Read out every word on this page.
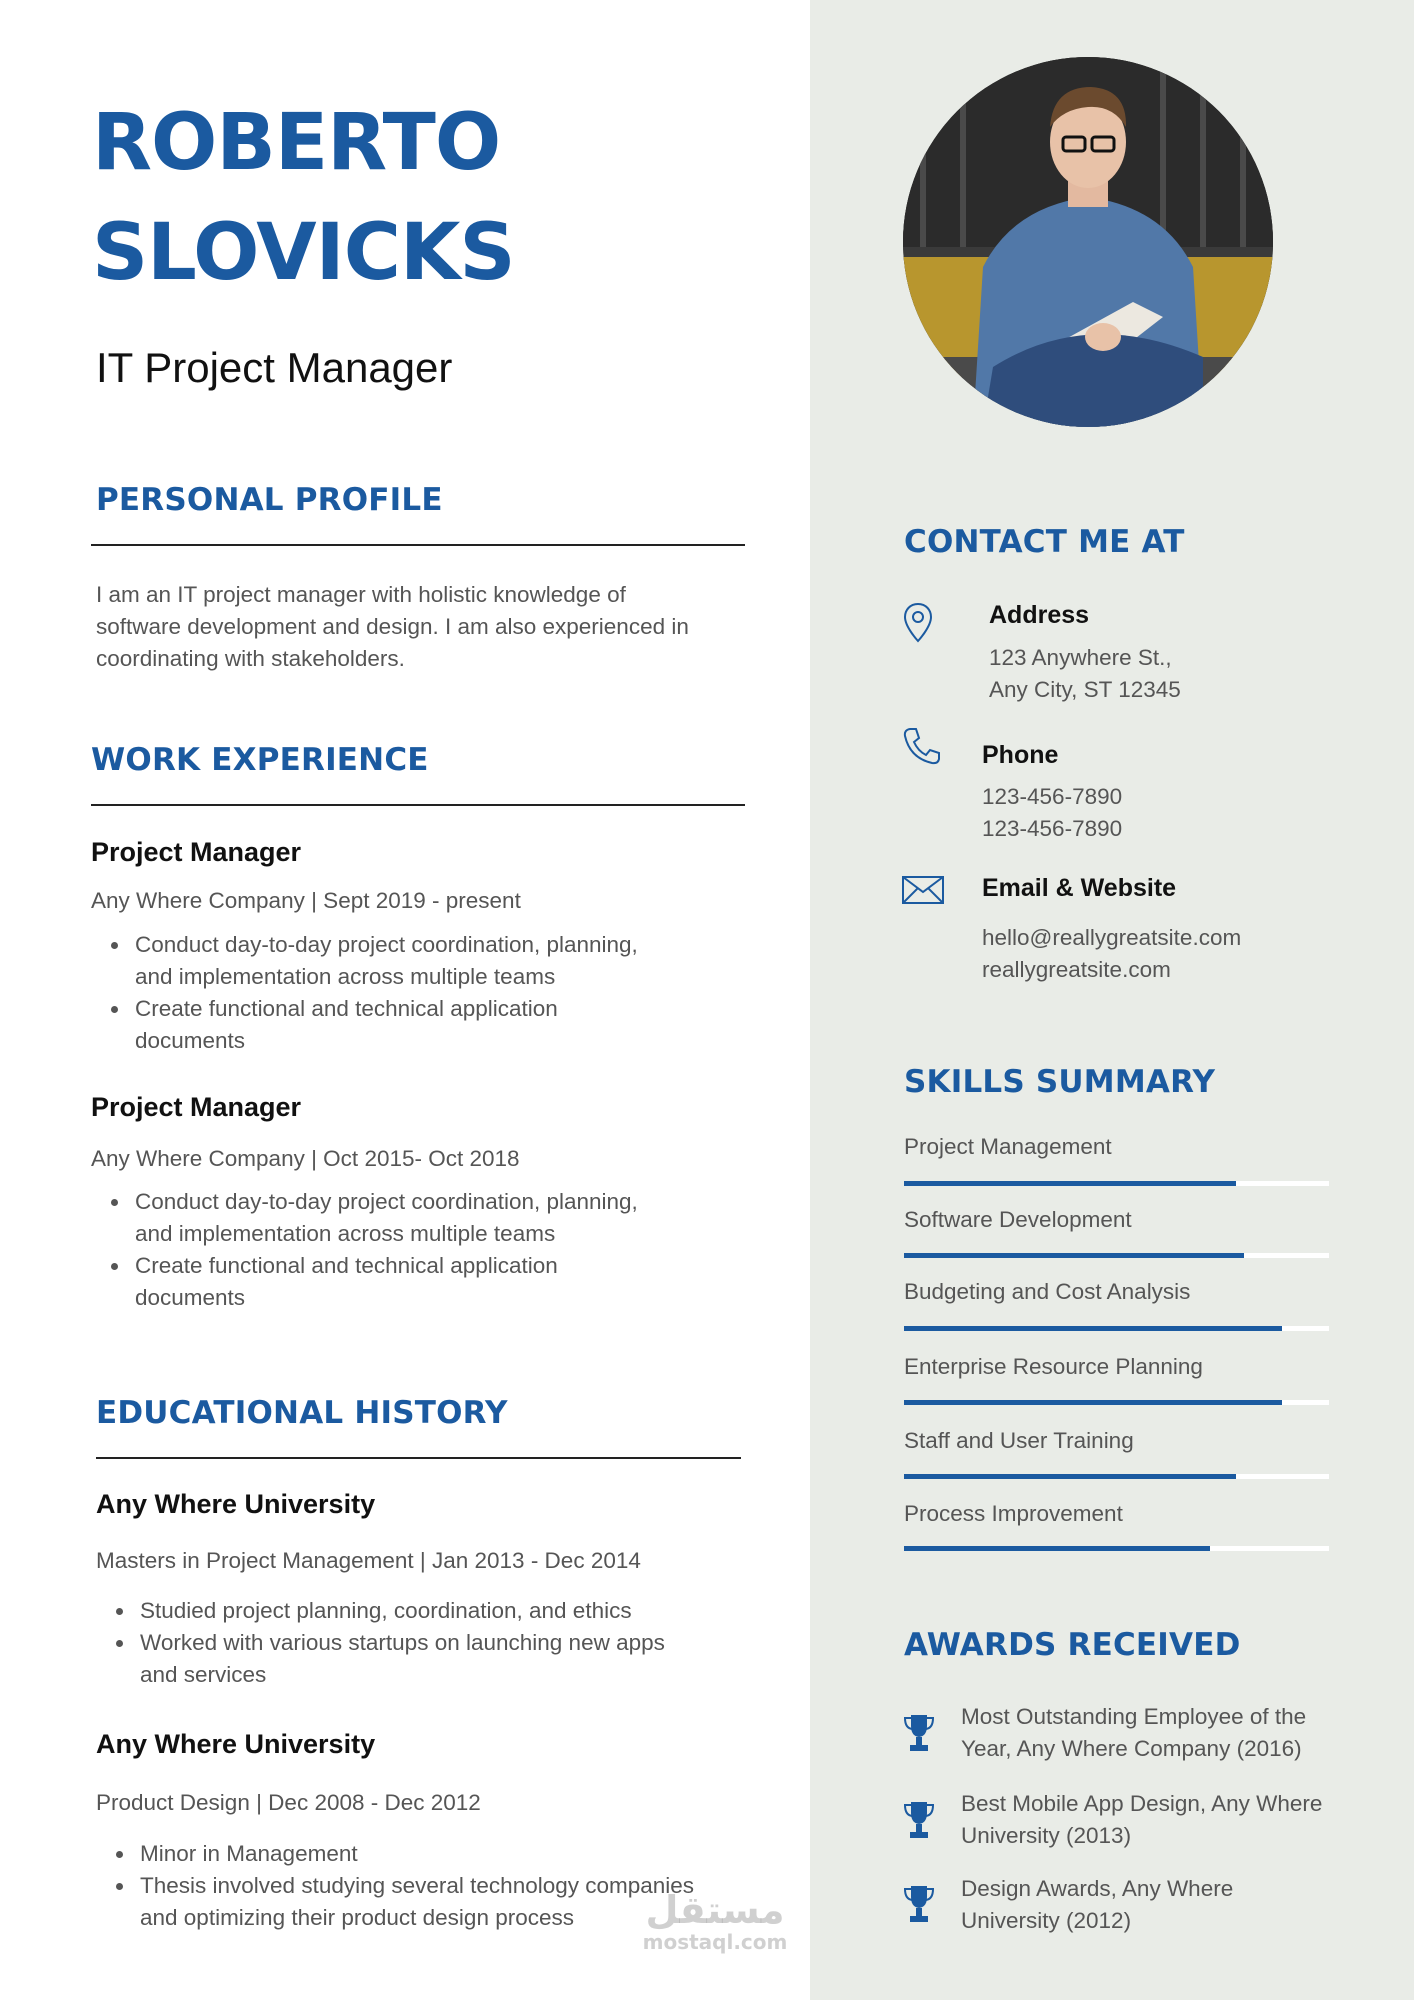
ROBERTO
SLOVICKS

IT Project Manager

PERSONAL PROFILE
I am an IT project manager with holistic knowledge of
software development and design. I am also experienced in
coordinating with stakeholders.
WORK EXPERIENCE

Project Manager

Any Where Company | Sept 2019 - present

• Conduct day-to-day project coordination, planning,
and implementation across multiple teams
• Create functional and technical application
documents

Project Manager

Any Where Company | Oct 2015- Oct 2018

• Conduct day-to-day project coordination, planning,
and implementation across multiple teams
• Create functional and technical application
documents
EDUCATIONAL HISTORY

Any Where University

Masters in Project Management | Jan 2013 - Dec 2014

• Studied project planning, coordination, and ethics
• Worked with various startups on launching new apps
and services

Any Where University

Product Design | Dec 2008 - Dec 2012

• Minor in Management
• Thesis involved studying several technology companies
and optimizing their product design process
CONTACT ME AT

Address

123 Anywhere St.,

Any City, ST 12345

Phone

123-456-7890

123-456-7890

Email & Website

hello@reallygreatsite.com

reallygreatsite.com

SKILLS SUMMARY

Project Management

Software Development

Budgeting and Cost Analysis

Enterprise Resource Planning

Staff and User Training

Process Improvement

AWARDS RECEIVED
Most Outstanding Employee of the
Year, Any Where Company (2016)
Best Mobile App Design, Any Where
University (2013)
Design Awards, Any Where
University (2012)
مستقل
mostaql.com
